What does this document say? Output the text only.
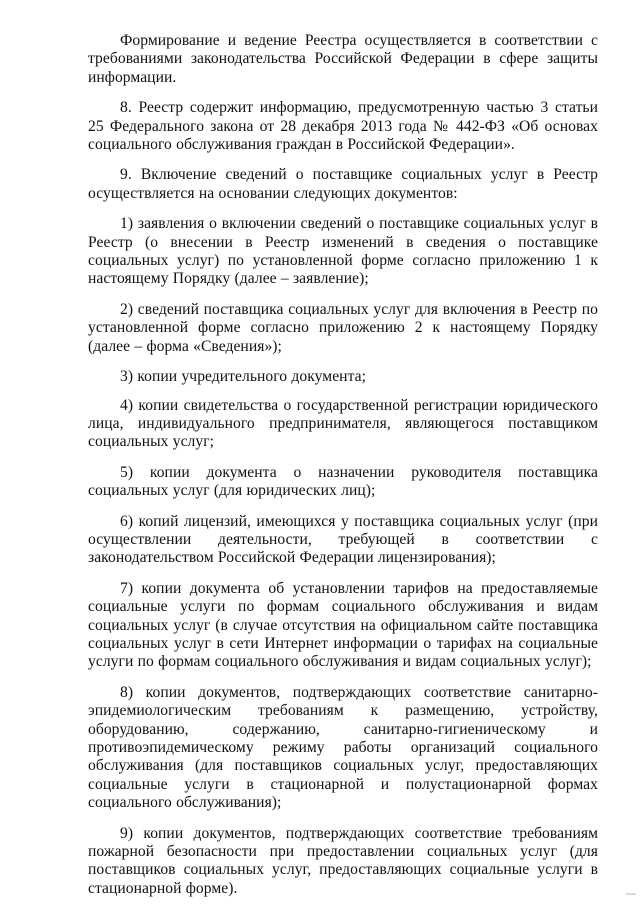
Формирование и ведение Реестра осуществляется в соответствии с требованиями законодательства Российской Федерации в сфере защиты информации.

8. Реестр содержит информацию, предусмотренную частью 3 статьи 25 Федерального закона от 28 декабря 2013 года № 442-ФЗ «Об основах социального обслуживания граждан в Российской Федерации».

9. Включение сведений о поставщике социальных услуг в Реестр осуществляется на основании следующих документов:

1) заявления о включении сведений о поставщике социальных услуг в Реестр (о внесении в Реестр изменений в сведения о поставщике социальных услуг) по установленной форме согласно приложению 1 к настоящему Порядку (далее – заявление);

2) сведений поставщика социальных услуг для включения в Реестр по установленной форме согласно приложению 2 к настоящему Порядку (далее – форма «Сведения»);

3) копии учредительного документа;

4) копии свидетельства о государственной регистрации юридического лица, индивидуального предпринимателя, являющегося поставщиком социальных услуг;

5) копии документа о назначении руководителя поставщика социальных услуг (для юридических лиц);

6) копий лицензий, имеющихся у поставщика социальных услуг (при осуществлении деятельности, требующей в соответствии с законодательством Российской Федерации лицензирования);

7) копии документа об установлении тарифов на предоставляемые социальные услуги по формам социального обслуживания и видам социальных услуг (в случае отсутствия на официальном сайте поставщика социальных услуг в сети Интернет информации о тарифах на социальные услуги по формам социального обслуживания и видам социальных услуг);

8) копии документов, подтверждающих соответствие санитарно-эпидемиологическим требованиям к размещению, устройству, оборудованию, содержанию, санитарно-гигиеническому и противоэпидемическому режиму работы организаций социального обслуживания (для поставщиков социальных услуг, предоставляющих социальные услуги в стационарной и полустационарной формах социального обслуживания);

9) копии документов, подтверждающих соответствие требованиям пожарной безопасности при предоставлении социальных услуг (для поставщиков социальных услуг, предоставляющих социальные услуги в стационарной форме).
